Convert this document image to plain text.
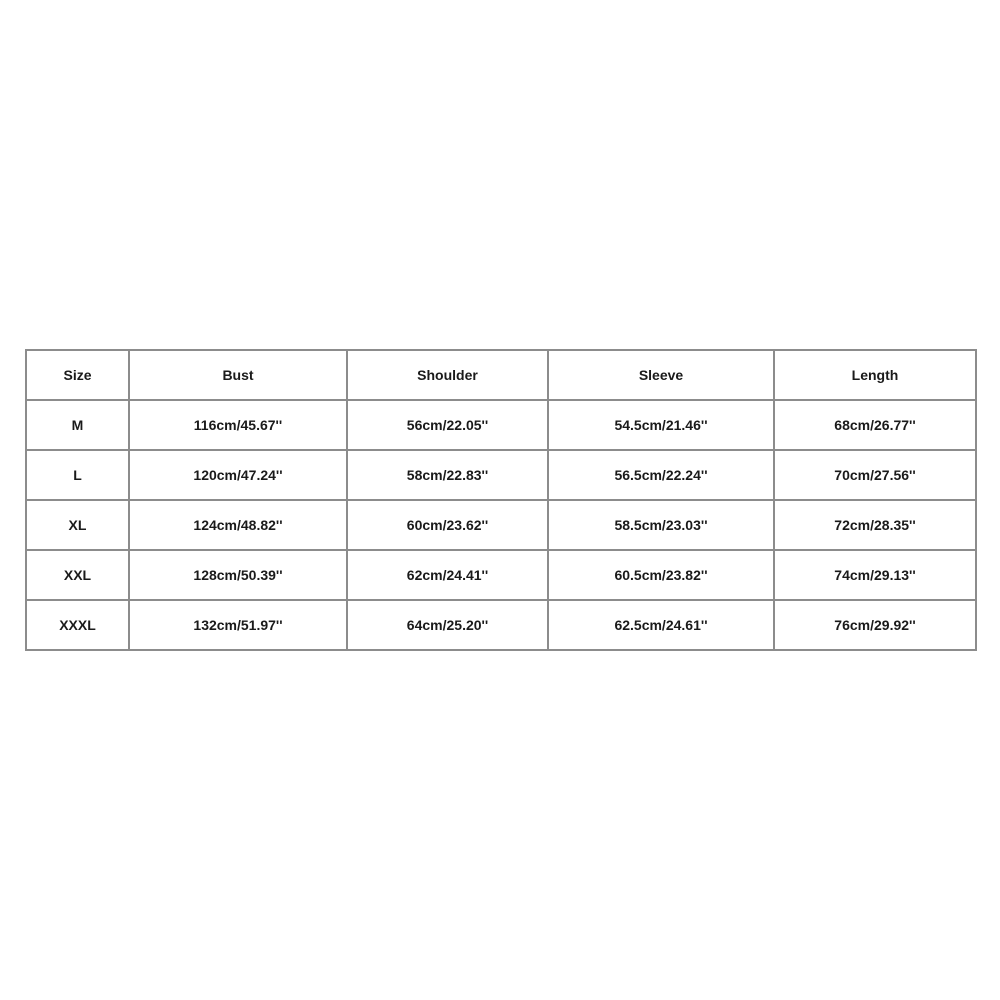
Size	Bust	Shoulder	Sleeve	Length
M	116cm/45.67''	56cm/22.05''	54.5cm/21.46''	68cm/26.77''
L	120cm/47.24''	58cm/22.83''	56.5cm/22.24''	70cm/27.56''
XL	124cm/48.82''	60cm/23.62''	58.5cm/23.03''	72cm/28.35''
XXL	128cm/50.39''	62cm/24.41''	60.5cm/23.82''	74cm/29.13''
XXXL	132cm/51.97''	64cm/25.20''	62.5cm/24.61''	76cm/29.92''
